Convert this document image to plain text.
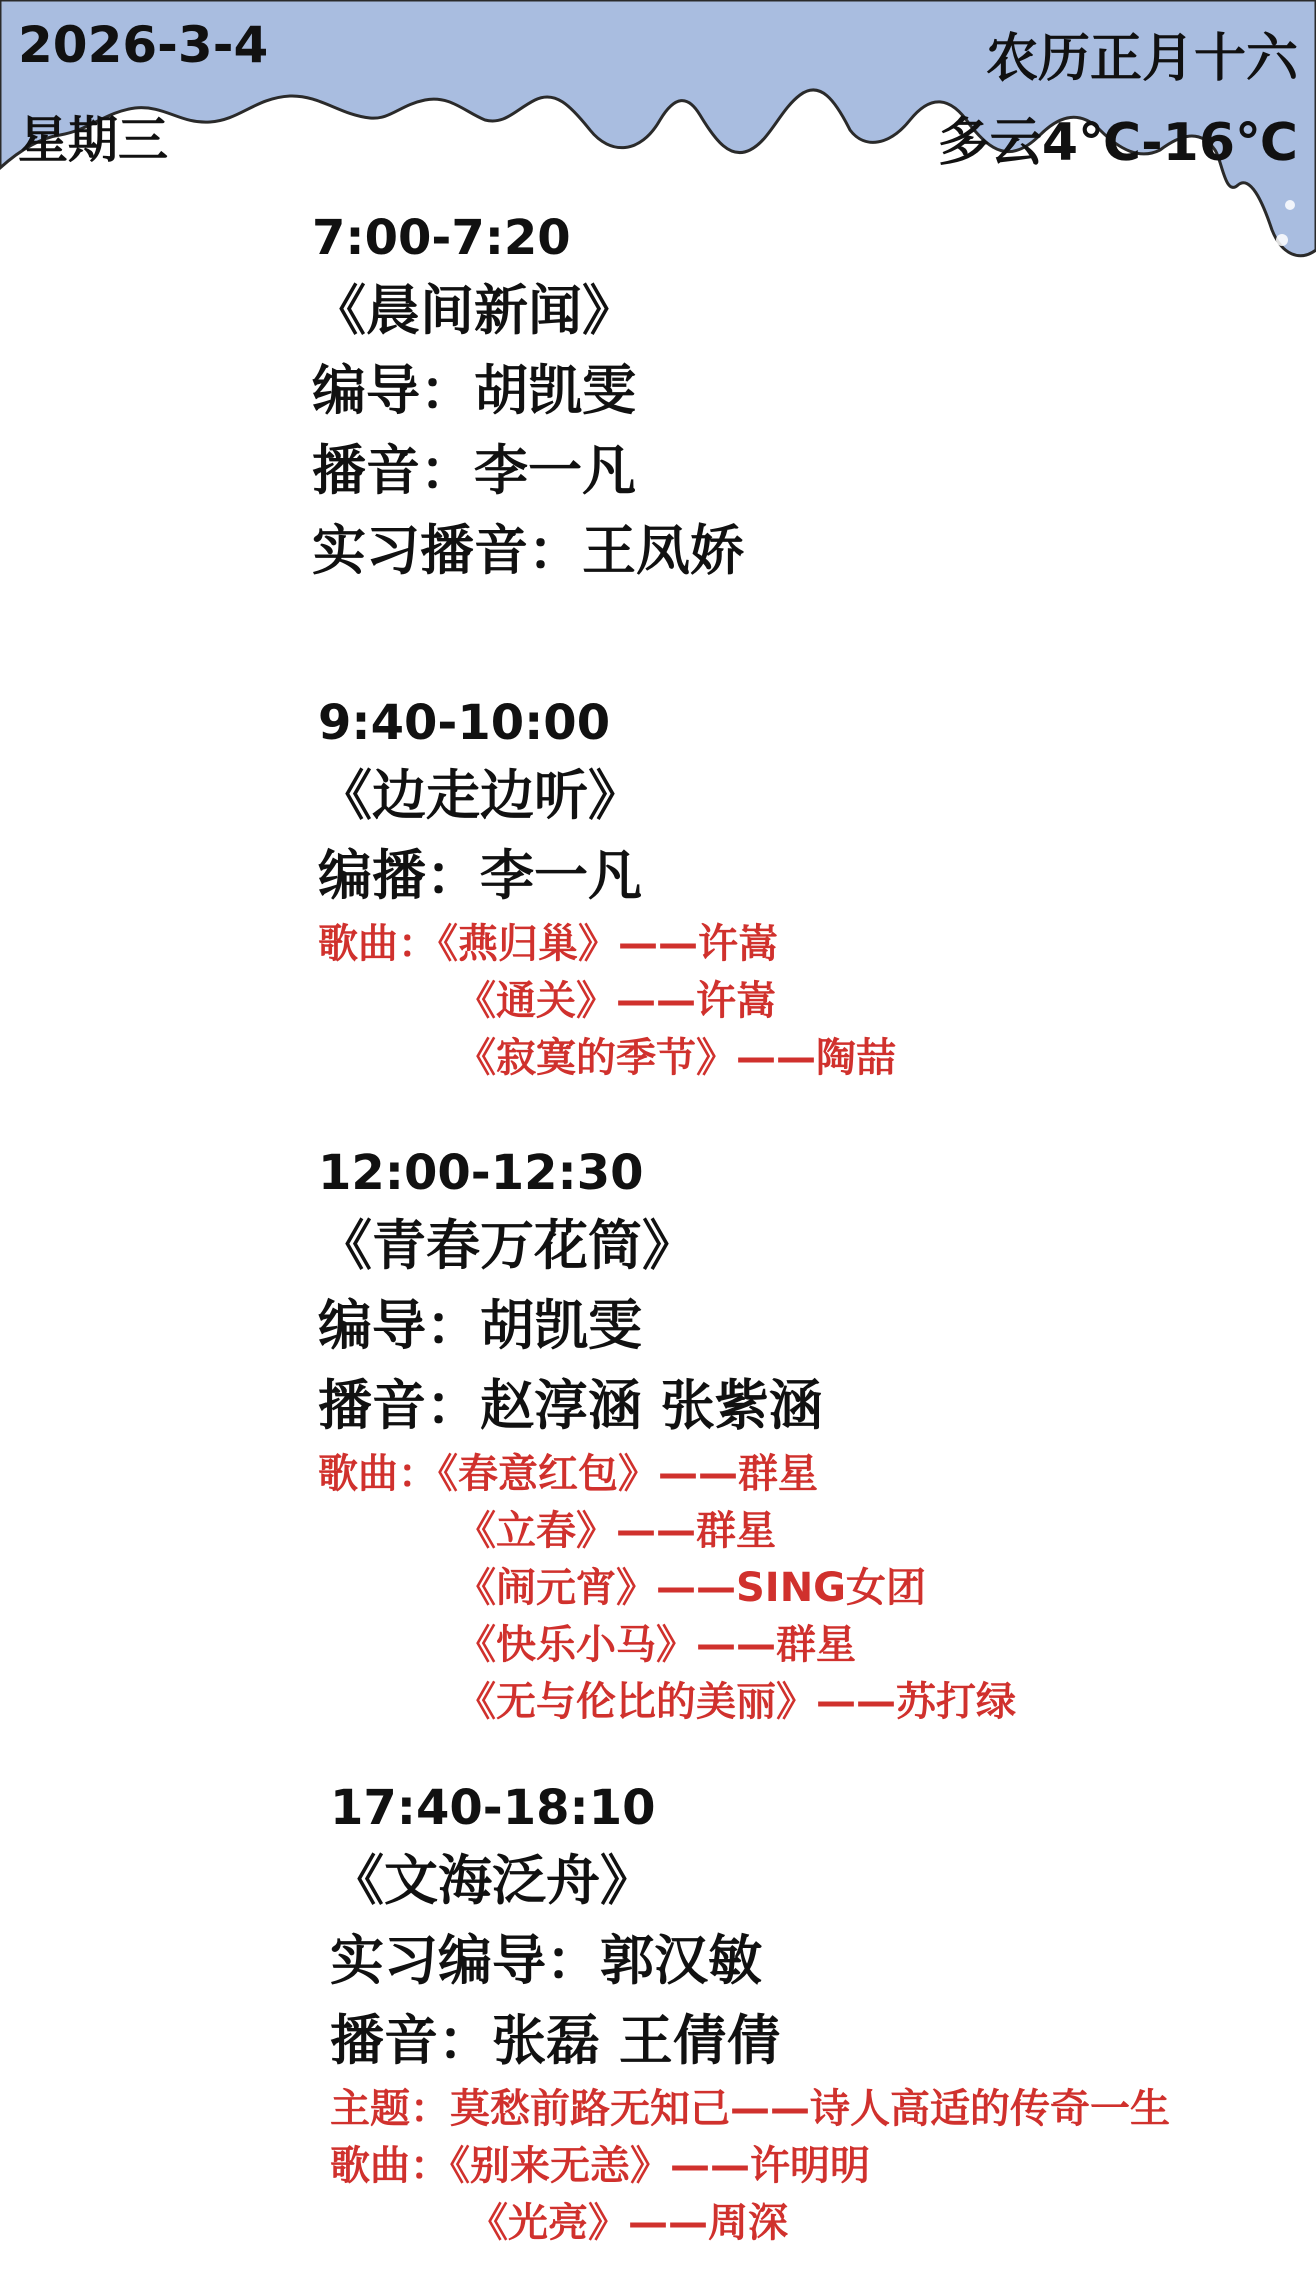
2026-3-4
星期三
农历正月十六
多云4℃-16℃
7:00-7:20
《晨间新闻》
编导：胡凯雯
播音：李一凡
实习播音：王凤娇
9:40-10:00
《边走边听》
编播：李一凡
歌曲：《燕归巢》——许嵩
《通关》——许嵩
《寂寞的季节》——陶喆
12:00-12:30
《青春万花筒》
编导：胡凯雯
播音：赵淳涵 张紫涵
歌曲：《春意红包》——群星
《立春》——群星
《闹元宵》——SING女团
《快乐小马》——群星
《无与伦比的美丽》——苏打绿
17:40-18:10
《文海泛舟》
实习编导：郭汉敏
播音：张磊 王倩倩
主题：莫愁前路无知己——诗人高适的传奇一生
歌曲：《别来无恙》——许明明
《光亮》——周深
